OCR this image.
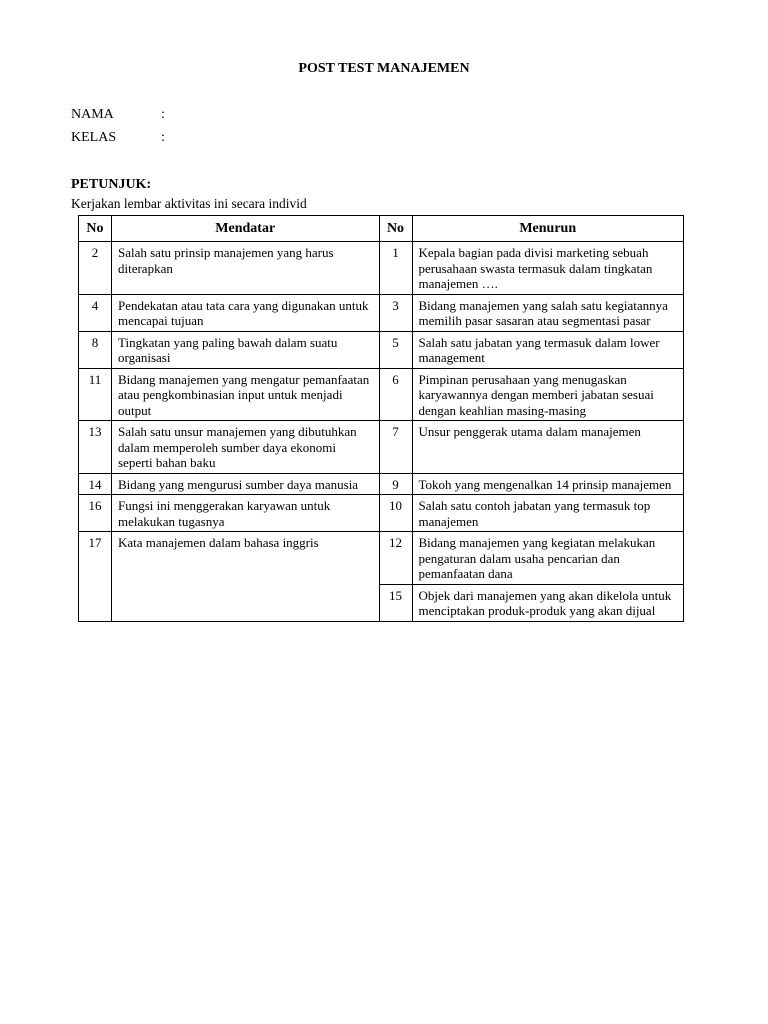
POST TEST MANAJEMEN
NAMA	:
KELAS	:
PETUNJUK:
Kerjakan lembar aktivitas ini secara individ
No	Mendatar	No	Menurun
2	Salah satu prinsip manajemen yang harus diterapkan	1	Kepala bagian pada divisi marketing sebuah perusahaan swasta termasuk dalam tingkatan manajemen ….
4	Pendekatan atau tata cara yang digunakan untuk mencapai tujuan	3	Bidang manajemen yang salah satu kegiatannya memilih pasar sasaran atau segmentasi pasar
8	Tingkatan yang paling bawah dalam suatu organisasi	5	Salah satu jabatan yang termasuk dalam lower management
11	Bidang manajemen yang mengatur pemanfaatan atau pengkombinasian input untuk menjadi output	6	Pimpinan perusahaan yang menugaskan karyawannya dengan memberi jabatan sesuai dengan keahlian masing-masing
13	Salah satu unsur manajemen yang dibutuhkan dalam memperoleh sumber daya ekonomi seperti bahan baku	7	Unsur penggerak utama dalam manajemen
14	Bidang yang mengurusi sumber daya manusia	9	Tokoh yang mengenalkan 14 prinsip manajemen
16	Fungsi ini menggerakan karyawan untuk melakukan tugasnya	10	Salah satu contoh jabatan yang termasuk top manajemen
17	Kata manajemen dalam bahasa inggris	12	Bidang manajemen yang kegiatan melakukan pengaturan dalam usaha pencarian dan pemanfaatan dana
		15	Objek dari manajemen yang akan dikelola untuk menciptakan produk-produk yang akan dijual
